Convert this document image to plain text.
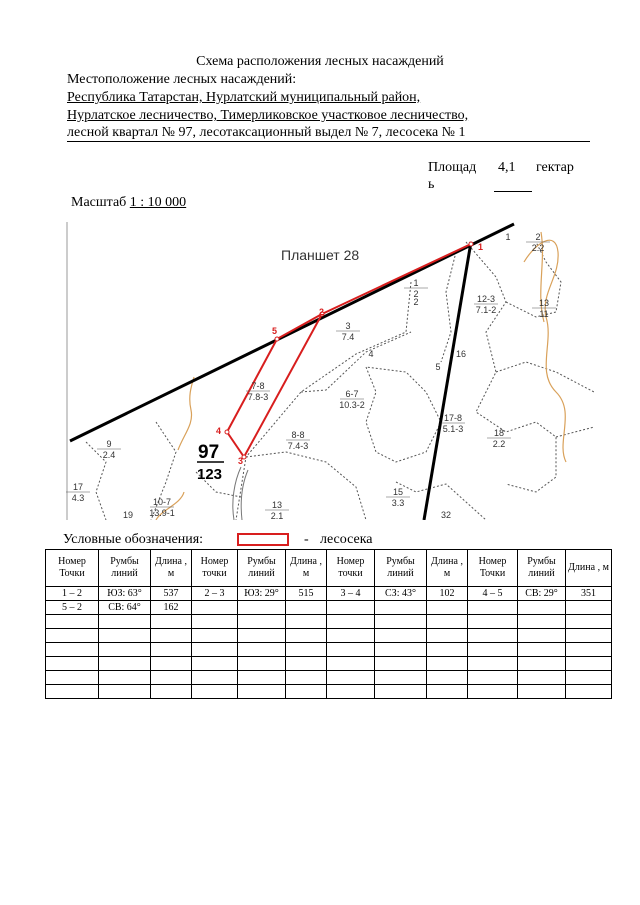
Схема расположения лесных насаждений
Местоположение лесных насаждений:
Республика Татарстан, Нурлатский муниципальный район,
Нурлатское лесничество, Тимерликовское участковое лесничество,
лесной квартал № 97, лесотаксационный выдел № 7, лесосека № 1
Площад
ь
4,1 гектар
Масштаб 1 : 10 000
Планшет 28	1
2
3
4
5
97
123
1	2
2.2
1
2
2	12-3
7.1-2
13
11
3
7.4
4	16
5
7-8
7.8-3	6-7
10.3-2
17-8
5.1-3	18
2.2
9
2.4
8-8
7.4-3
17
4.3	10-7
13.9-1
19
13
2.1
15
3.3
32
Условные обозначения:	- лесосека
Номер Точки	Румбы линий	Длина , м	Номер точки	Румбы линий	Длина , м	Номер точки	Румбы линий	Длина , м	Номер Точки	Румбы линий	Длина , м
1 – 2	ЮЗ: 63°	537	2 – 3	ЮЗ: 29°	515	3 – 4	СЗ: 43°	102	4 – 5	СВ: 29°	351
5 – 2	СВ: 64°	162									
